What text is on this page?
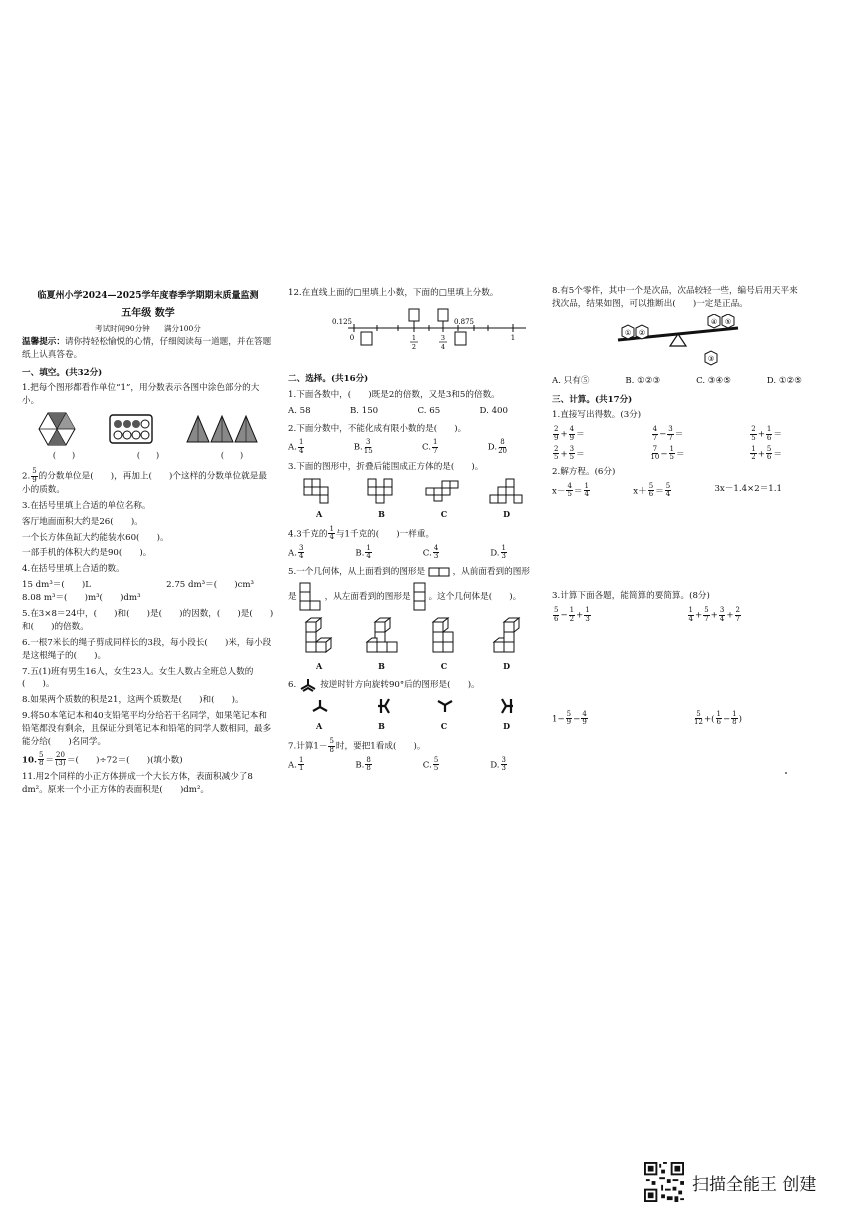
临夏州小学2024—2025学年度春季学期期末质量监测
五年级 数学
考试时间90分钟 满分100分

温馨提示：请你持轻松愉悦的心情，仔细阅读每一道题，并在答题纸上认真答卷。

一、填空。(共32分)

1.把每个图形都看作单位“1”，用分数表示各图中涂色部分的大小。

(　　)	(　　)	(　　)

2. $\frac{5}{9}$ 的分数单位是(　　)，再加上(　　)个这样的分数单位就是最小的质数。

3.在括号里填上合适的单位名称。

客厅地面面积大约是26(　　)。

一个长方体鱼缸大约能装水60(　　)。

一部手机的体积大约是90(　　)。

4.在括号里填上合适的数。

15 dm³＝(　　)L	2.75 dm³＝(　　)cm³

8.08 m³＝(　　)m³(　　)dm³

5.在3×8＝24中，(　　)和(　　)是(　　)的因数，(　　)是(　　)和(　　)的倍数。

6.一根7米长的绳子剪成同样长的3段，每小段长(　　)米，每小段是这根绳子的(　　)。

7.五(1)班有男生16人，女生23人。女生人数占全班总人数的(　　)。

8.如果两个质数的积是21，这两个质数是(　　)和(　　)。

9.将50本笔记本和40支铅笔平均分给若干名同学，如果笔记本和铅笔都没有剩余，且保证分到笔记本和铅笔的同学人数相同，最多能分给(　　)名同学。

10. $\frac{5}{8} = \frac{20}{(3)}$ ＝(　　)÷72＝(　　)(填小数)

11.用2个同样的小正方体拼成一个大长方体，表面积减少了8 dm²。原来一个小正方体的表面积是(　　)dm²。

12.在直线上面的□里填上小数，下面的□里填上分数。

0.125	0.875
0	1
2
3
4
1
二、选择。(共16分)

1.下面各数中，(　　)既是2的倍数，又是3和5的倍数。

A. 58	B. 150	C. 65	D. 400

2.下面分数中，不能化成有限小数的是(　　)。

A. $\frac{1}{4}$	B. $\frac{3}{15}$	C. $\frac{1}{7}$	D. $\frac{8}{20}$

3.下面的图形中，折叠后能围成正方体的是(　　)。

A	B	C	D

4.3千克的 $\frac{1}{4}$ 与1千克的(　　)一样重。

A. $\frac{3}{4}$	B. $\frac{1}{4}$	C. $\frac{4}{3}$	D. $\frac{1}{3}$

5.一个几何体，从上面看到的图形是	，从前面看到的图形

是	，从左面看到的图形是 。这个几何体是(　　)。

A	B	C	D

6.	按逆时针方向旋转90°后的图形是(　　)。

A	B	C	D

7.计算$1- \frac{5}{8}$ 时，要把1看成(　　)。

A. $\frac{1}{1}$	B. $\frac{8}{8}$	C. $\frac{5}{5}$	D. $\frac{3}{3}$

8.有5个零件，其中一个是次品，次品较轻一些，编号后用天平来找次品，结果如图，可以推断出(　　)一定是正品。

① ②
④ ⑤
③
A. 只有⑤	B. ①②③	C. ③④⑤	D. ①②⑤
三、计算。(共17分)

1.直接写出得数。(3分)

$\frac{2}{9} + \frac{4}{9}$ ＝	$\frac{4}{7} - \frac{3}{7}$ ＝	$\frac{2}{5} + \frac{1}{6}$ ＝
$\frac{2}{5} + \frac{3}{5}$ ＝	$\frac{7}{10} - \frac{1}{5}$ ＝	$\frac{1}{2} + \frac{5}{6}$ ＝

2.解方程。(6分)

$x- \frac{4}{5} = \frac{1}{4}$	$x+ \frac{5}{6} = \frac{5}{4}$	3x－1.4×2＝1.1

3.计算下面各题，能简算的要简算。(8分)

$\frac{5}{6} - \frac{1}{2} + \frac{1}{3}$	$\frac{1}{4} + \frac{5}{7} + \frac{3}{4} + \frac{2}{7}$
$1- \frac{5}{9} - \frac{4}{9}$	$\frac{5}{12}$ +( $\frac{1}{6} - \frac{1}{8}$ )
扫描全能王 创建
